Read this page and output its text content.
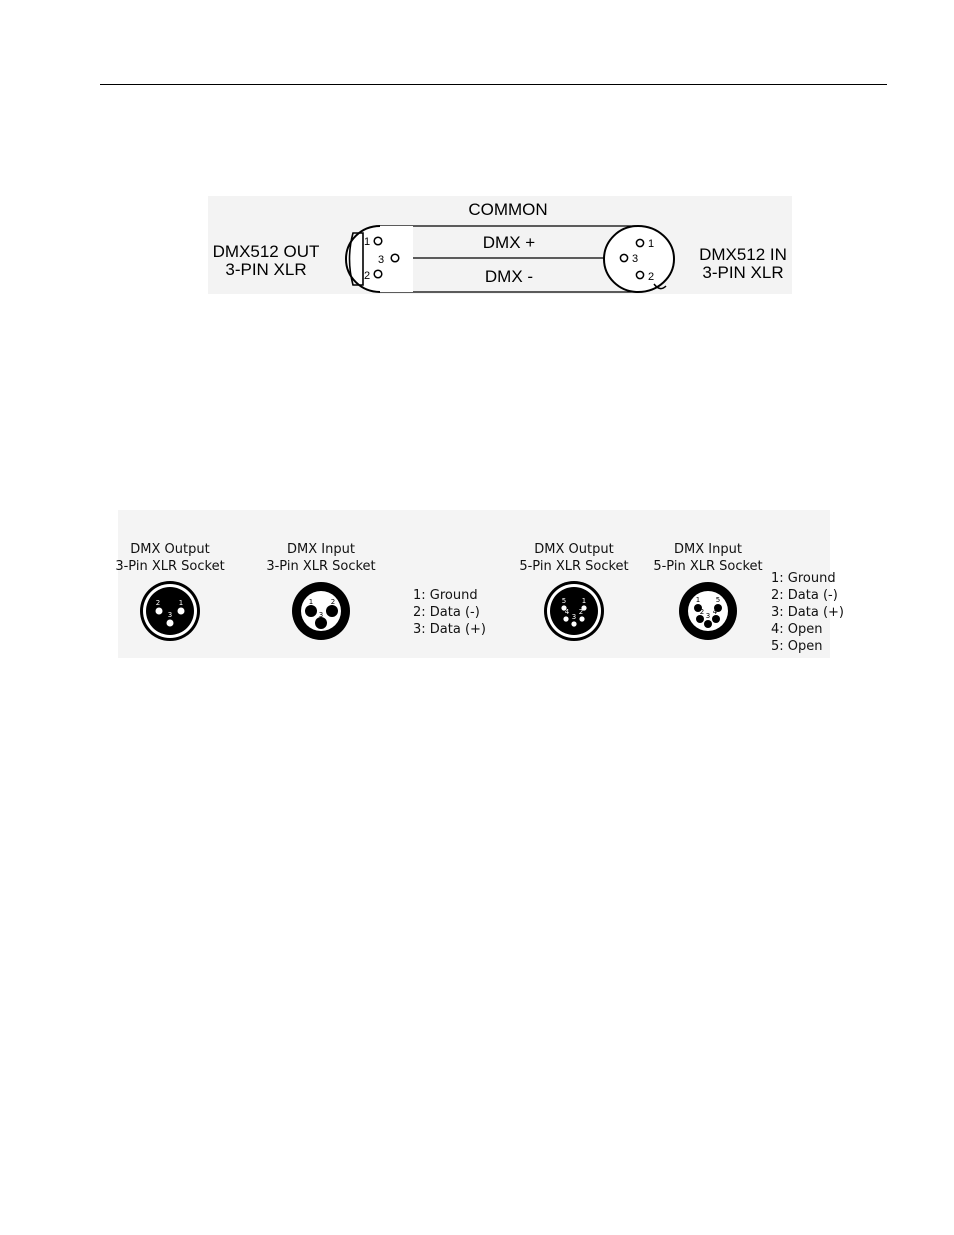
1
3
2
1
3
2
COMMON
DMX +
DMX -
DMX512 OUT
3-PIN XLR
DMX512 IN
3-PIN XLR
DMX Output
3-Pin XLR Socket
2	1
3
DMX Input
3-Pin XLR Socket
1	2
3
1: Ground
2: Data (-)
3: Data (+)
DMX Output
5-Pin XLR Socket
5 1
4 2
3
DMX Input
5-Pin XLR Socket
1 5
2 4
3
1: Ground
2: Data (-)
3: Data (+)
4: Open
5: Open
